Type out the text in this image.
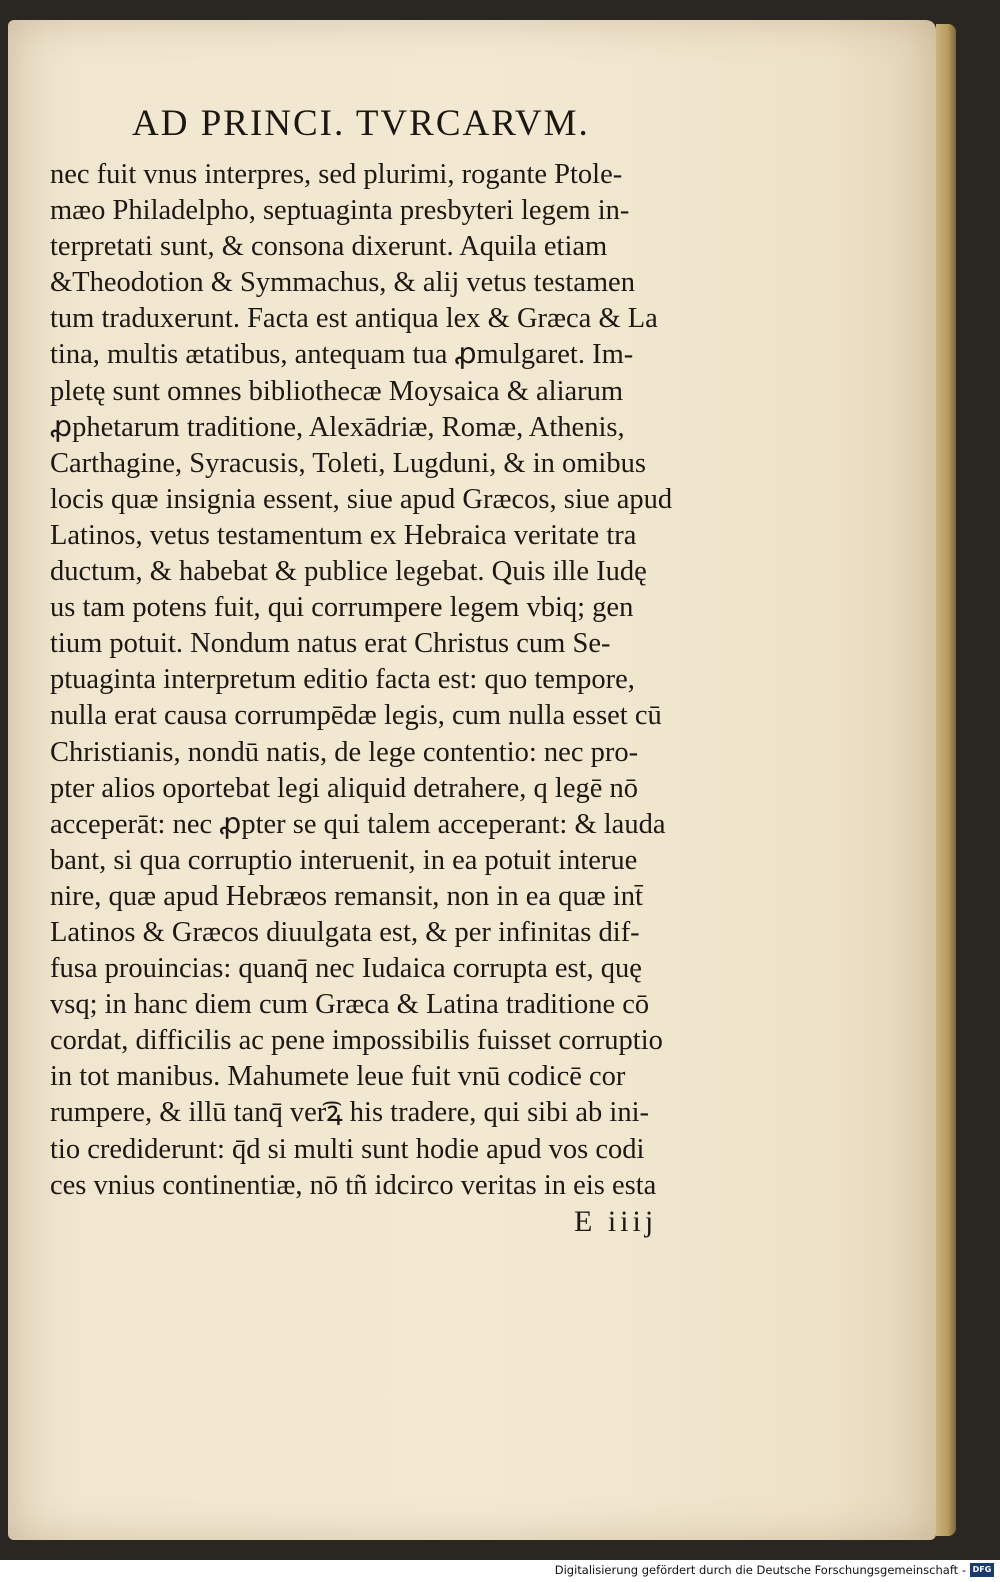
AD PRINCI. TVRCARVM.
nec fuit vnus interpres, sed plurimi, rogante Ptole-
mæo Philadelpho, septuaginta presbyteri legem in-
terpretati sunt, & consona dixerunt. Aquila etiam
&Theodotion & Symmachus, & alij vetus testamen
tum traduxerunt. Facta est antiqua lex & Græca & La
tina, multis ætatibus, antequam tua ꝓmulgaret. Im-
pletę sunt omnes bibliothecæ Moysaica & aliarum
ꝓphetarum traditione, Alexādriæ, Romæ, Athenis,
Carthagine, Syracusis, Toleti, Lugduni, & in omibus
locis quæ insignia essent, siue apud Græcos, siue apud
Latinos, vetus testamentum ex Hebraica veritate tra
ductum, & habebat & publice legebat. Quis ille Iudę
us tam potens fuit, qui corrumpere legem vbiq; gen
tium potuit. Nondum natus erat Christus cum Se-
ptuaginta interpretum editio facta est: quo tempore,
nulla erat causa corrumpēdæ legis, cum nulla esset cū
Christianis, nondū natis, de lege contentio: nec pro-
pter alios oportebat legi aliquid detrahere, q legē nō
acceperāt: nec ꝓpter se qui talem acceperant: & lauda
bant, si qua corruptio interuenit, in ea potuit interue
nire, quæ apud Hebræos remansit, non in ea quæ int̄
Latinos & Græcos diuulgata est, & per infinitas dif-
fusa prouincias: quanq̄ nec Iudaica corrupta est, quę
vsq; in hanc diem cum Græca & Latina traditione cō
cordat, difficilis ac pene impossibilis fuisset corruptio
in tot manibus. Mahumete leue fuit vnū codicē cor
rumpere, & illū tanq̄ ver͡ꝝ his tradere, qui sibi ab ini-
tio crediderunt: q̄d si multi sunt hodie apud vos codi
ces vnius continentiæ, nō tñ idcirco veritas in eis esta
E iiij
Digitalisierung gefördert durch die Deutsche Forschungsgemeinschaft - DFG
